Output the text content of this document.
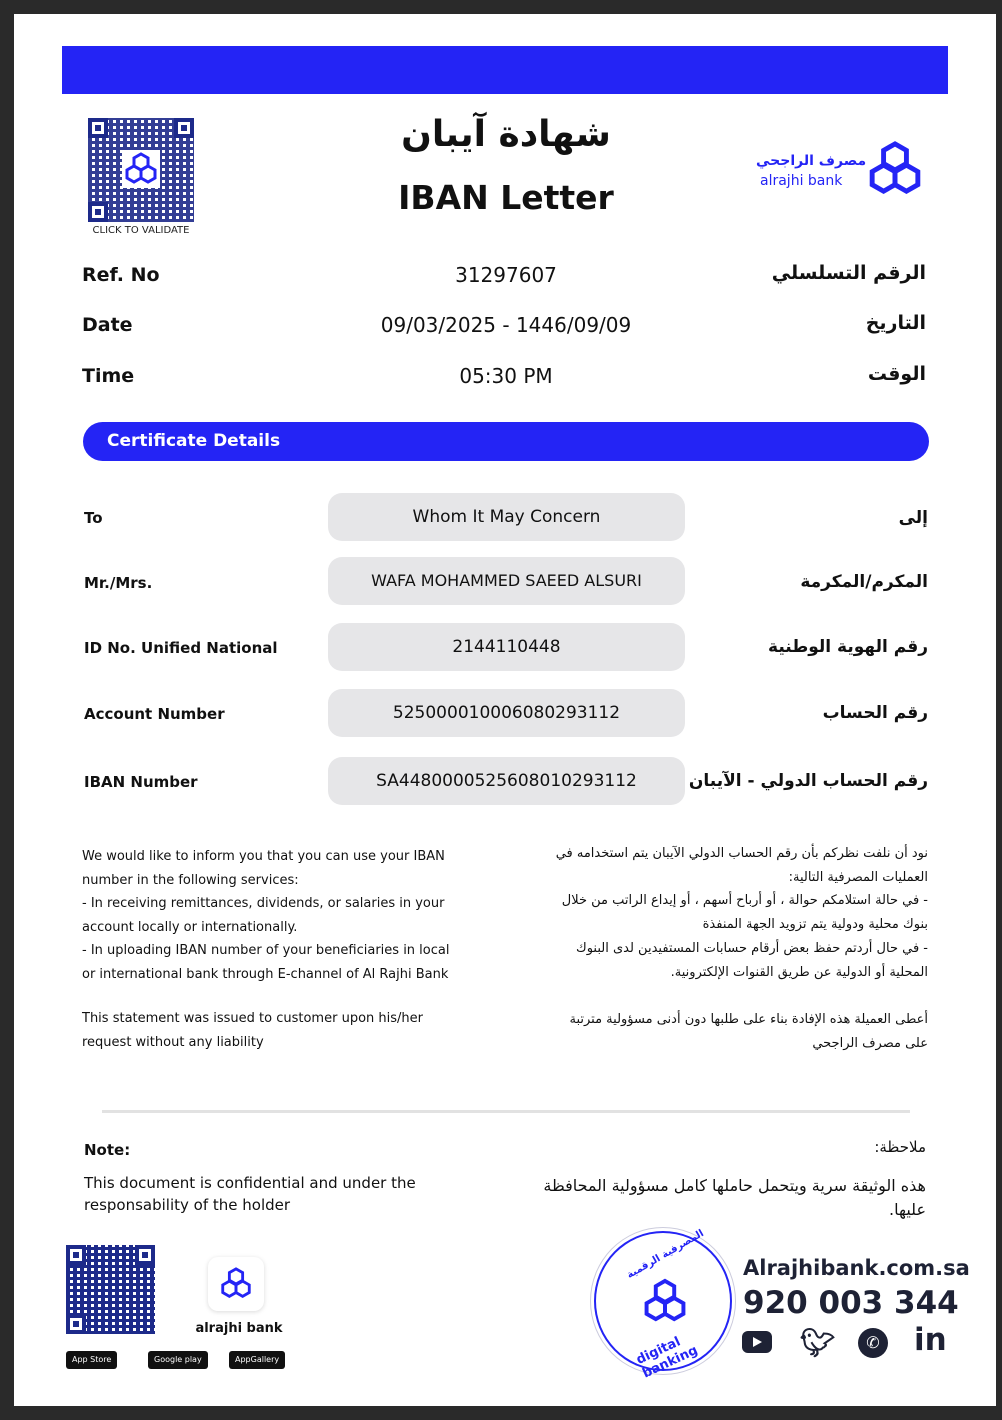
CLICK TO VALIDATE
شهادة آيبان
IBAN Letter
مصرف الراجحي
alrajhi bank
Ref. No	31297607	الرقم التسلسلي
Date	09/03/2025 - 1446/09/09	التاريخ
Time	05:30 PM	الوقت
Certificate Details
To	Whom It May Concern	إلى
Mr./Mrs.	WAFA MOHAMMED SAEED ALSURI	المكرم/المكرمة
ID No. Unified National	2144110448	رقم الهوية الوطنية
Account Number	525000010006080293112	رقم الحساب
IBAN Number	SA4480000525608010293112	رقم الحساب الدولي - الآيبان
We would like to inform you that you can use your IBAN
number in the following services:
- In receiving remittances, dividends, or salaries in your
account locally or internationally.
- In uploading IBAN number of your beneficiaries in local
or international bank through E-channel of Al Rajhi Bank
This statement was issued to customer upon his/her
request without any liability
نود أن نلفت نظركم بأن رقم الحساب الدولي الآيبان يتم استخدامه في
العمليات المصرفية التالية:
- في حالة استلامكم حوالة ، أو أرباح أسهم ، أو إيداع الراتب من خلال
بنوك محلية ودولية يتم تزويد الجهة المنفذة
- في حال أردتم حفظ بعض أرقام حسابات المستفيدين لدى البنوك
المحلية أو الدولية عن طريق القنوات الإلكترونية.
أعطى العميلة هذه الإفادة بناء على طلبها دون أدنى مسؤولية مترتبة
على مصرف الراجحي
Note:
This document is confidential and under the
responsability of the holder
ملاحظة:
هذه الوثيقة سرية ويتحمل حاملها كامل مسؤولية المحافظة
عليها.
alrajhi bank
App Store	Google play	AppGallery
المصرفية الرقمية
digital banking
Alrajhibank.com.sa
920 003 344
🐦︎	✆ in
